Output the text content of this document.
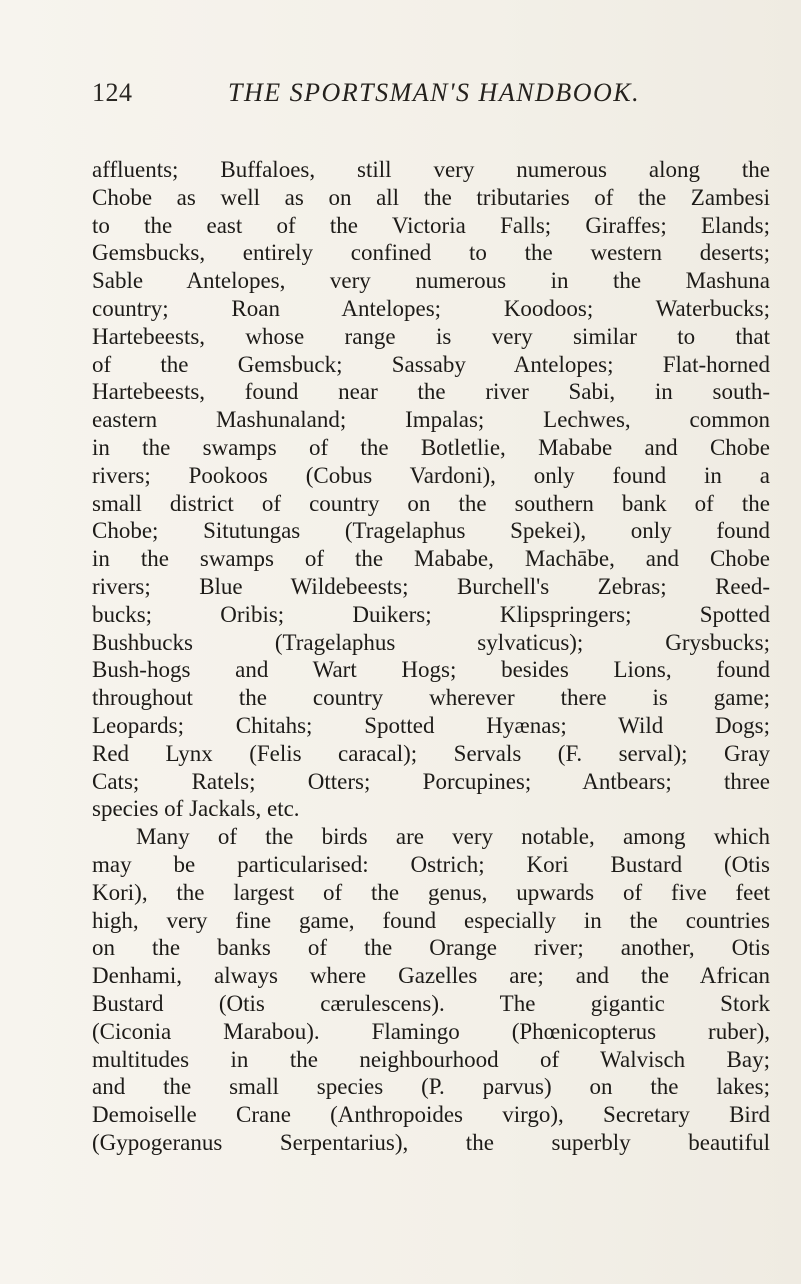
124	THE SPORTSMAN'S HANDBOOK.
affluents; Buffaloes, still very numerous along the
Chobe as well as on all the tributaries of the Zambesi
to the east of the Victoria Falls; Giraffes; Elands;
Gemsbucks, entirely confined to the western deserts;
Sable Antelopes, very numerous in the Mashuna
country; Roan Antelopes; Koodoos; Waterbucks;
Hartebeests, whose range is very similar to that
of the Gemsbuck; Sassaby Antelopes; Flat-horned
Hartebeests, found near the river Sabi, in south-
eastern Mashunaland; Impalas; Lechwes, common
in the swamps of the Botletlie, Mababe and Chobe
rivers; Pookoos (Cobus Vardoni), only found in a
small district of country on the southern bank of the
Chobe; Situtungas (Tragelaphus Spekei), only found
in the swamps of the Mababe, Machābe, and Chobe
rivers; Blue Wildebeests; Burchell's Zebras; Reed-
bucks; Oribis; Duikers; Klipspringers; Spotted
Bushbucks (Tragelaphus sylvaticus); Grysbucks;
Bush-hogs and Wart Hogs; besides Lions, found
throughout the country wherever there is game;
Leopards; Chitahs; Spotted Hyænas; Wild Dogs;
Red Lynx (Felis caracal); Servals (F. serval); Gray
Cats; Ratels; Otters; Porcupines; Antbears; three
species of Jackals, etc.
Many of the birds are very notable, among which
may be particularised: Ostrich; Kori Bustard (Otis
Kori), the largest of the genus, upwards of five feet
high, very fine game, found especially in the countries
on the banks of the Orange river; another, Otis
Denhami, always where Gazelles are; and the African
Bustard (Otis cærulescens). The gigantic Stork
(Ciconia Marabou). Flamingo (Phœnicopterus ruber),
multitudes in the neighbourhood of Walvisch Bay;
and the small species (P. parvus) on the lakes;
Demoiselle Crane (Anthropoides virgo), Secretary Bird
(Gypogeranus Serpentarius), the superbly beautiful
